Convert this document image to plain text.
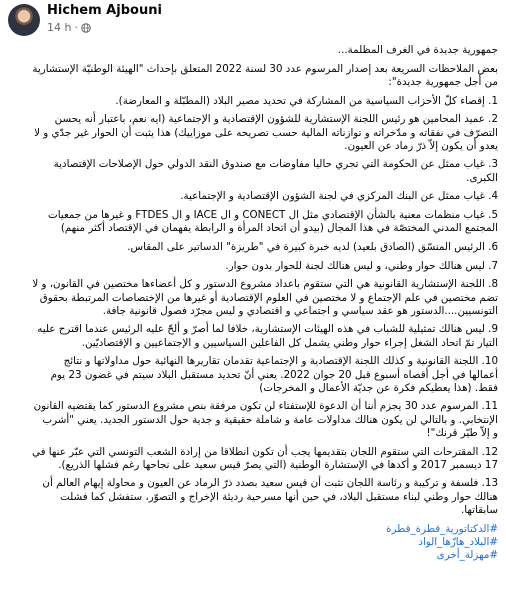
Hichem Ajbouni
14 h ·

جمهورية جديدة في الغرف المظلمة...

بعض الملاحظات السريعة بعد إصدار المرسوم عدد 30 لسنة 2022 المتعلق بإحداث "الهيئة الوطنيّة الإستشارية

من أجل جمهورية جديدة":

1. إقصاء كلّ الأحزاب السياسية من المشاركة في تحديد مصير البلاد (المطبّلة و المعارضة).

2. عميد المحامين هو رئيس اللجنة الإستشارية للشؤون الإقتصادية و الإجتماعية (ايه نعم، باعتبار أنه يحسن

التصرّف في نفقاته و مدّخراته و توازناته المالية حسب تصريحه على موزاييك) هذا يثبت أن الحوار غير جدّي و لا

يعدو أن يكون إلاّ ذرّ رماد عن العيون.

3. غياب ممثل عن الحكومة التي تجري حاليا مفاوضات مع صندوق النقد الدولي حول الإصلاحات الإقتصادية

الكبرى.

4. غياب ممثل عن البنك المركزي في لجنة الشؤون الإقتصادية و الإجتماعية.

5. غياب منظمات معنية بالشأن الإقتصادي مثل ال CONECT و ال IACE و ال FTDES و غيرها من جمعيات

المجتمع المدني المختصّة في هذا المجال (بيدو أن اتحاد المرأة و الرابطة يفهمان في الإقتصاد أكثر منهم)

6. الرئيس المنسّق (الصادق بلعيد) لديه خبرة كبيرة في "طريزة" الدساتير على المقاس.

7. ليس هنالك حوار وطني، و ليس هنالك لجنة للحوار بدون حوار.

8. اللجنة الإستشارية القانونية هي التي ستقوم باعداد مشروع الدستور و كل أعضاءها مختصين في القانون، و لا

تضم مختصين في علم الإجتماع و لا مختصين في العلوم الإقتصادية أو غيرها من الإختصاصات المرتبطة بحقوق

التونسيين....الدستور هو عقد سياسي و اجتماعي و اقتصادي و ليس مجرّد فصول قانونية جافة.

9. ليس هنالك تمثيلية للشباب في هذه الهيئات الإستشارية، خلافا لما أصرّ و ألحّ عليه الرئيس عندما اقترح عليه

التيار تمّ اتحاد الشغل إجراء حوار وطني يشمل كل الفاعلين السياسيين و الإجتماعيين و الإقتصاديّين.

10. اللجنة القانونية و كذلك اللجنة الإقتصادية و الإجتماعية تقدمان تقاريرها النهائية حول مداولاتها و نتائج

أعمالها في أجل أقصاه أسبوع قبل 20 جوان 2022. يعني أنّ تحديد مستقبل البلاد سيتم في غضون 23 يوم

فقط. (هذا يعطيكم فكرة عن جديّة الأعمال و المخرجات)

11. المرسوم عدد 30 يجزم أننا أن الدعوة للإستفتاء لن تكون مرفقة بنص مشروع الدستور كما يقتضيه القانون

الإنتخابي. و بالتالي لن يكون هنالك مداولات عامة و شاملة حقيقية و جدية حول الدستور الجديد. يعني "أشرب

و إلاّ طيّر قرنك"!

12. المقترحات التي ستقوم اللجان بتقديمها يجب أن تكون انطلاقا من إرادة الشعب التونسي التي عبّر عنها في

17 ديسمبر 2017 و أكدها في الإستشارة الوطنية (التي يصرّ قيس سعيد على نجاحها رغم فشلها الذريع).

13. فلسفة و تركيبة و رئاسة اللجان تثبت أن قيس سعيد بصدد ذرّ الرماد عن العيون و محاولة إيهام العالم أن

هنالك حوار وطني لبناء مستقبل البلاد، في حين أنها مسرحية رديئة الإخراج و التصوّر، ستفشل كما فشلت

سابقاتها.

#الدكتاتورية_قطرة_قطرة
#البلاد_هازّها_الواد
#مهزلة_أخرى
